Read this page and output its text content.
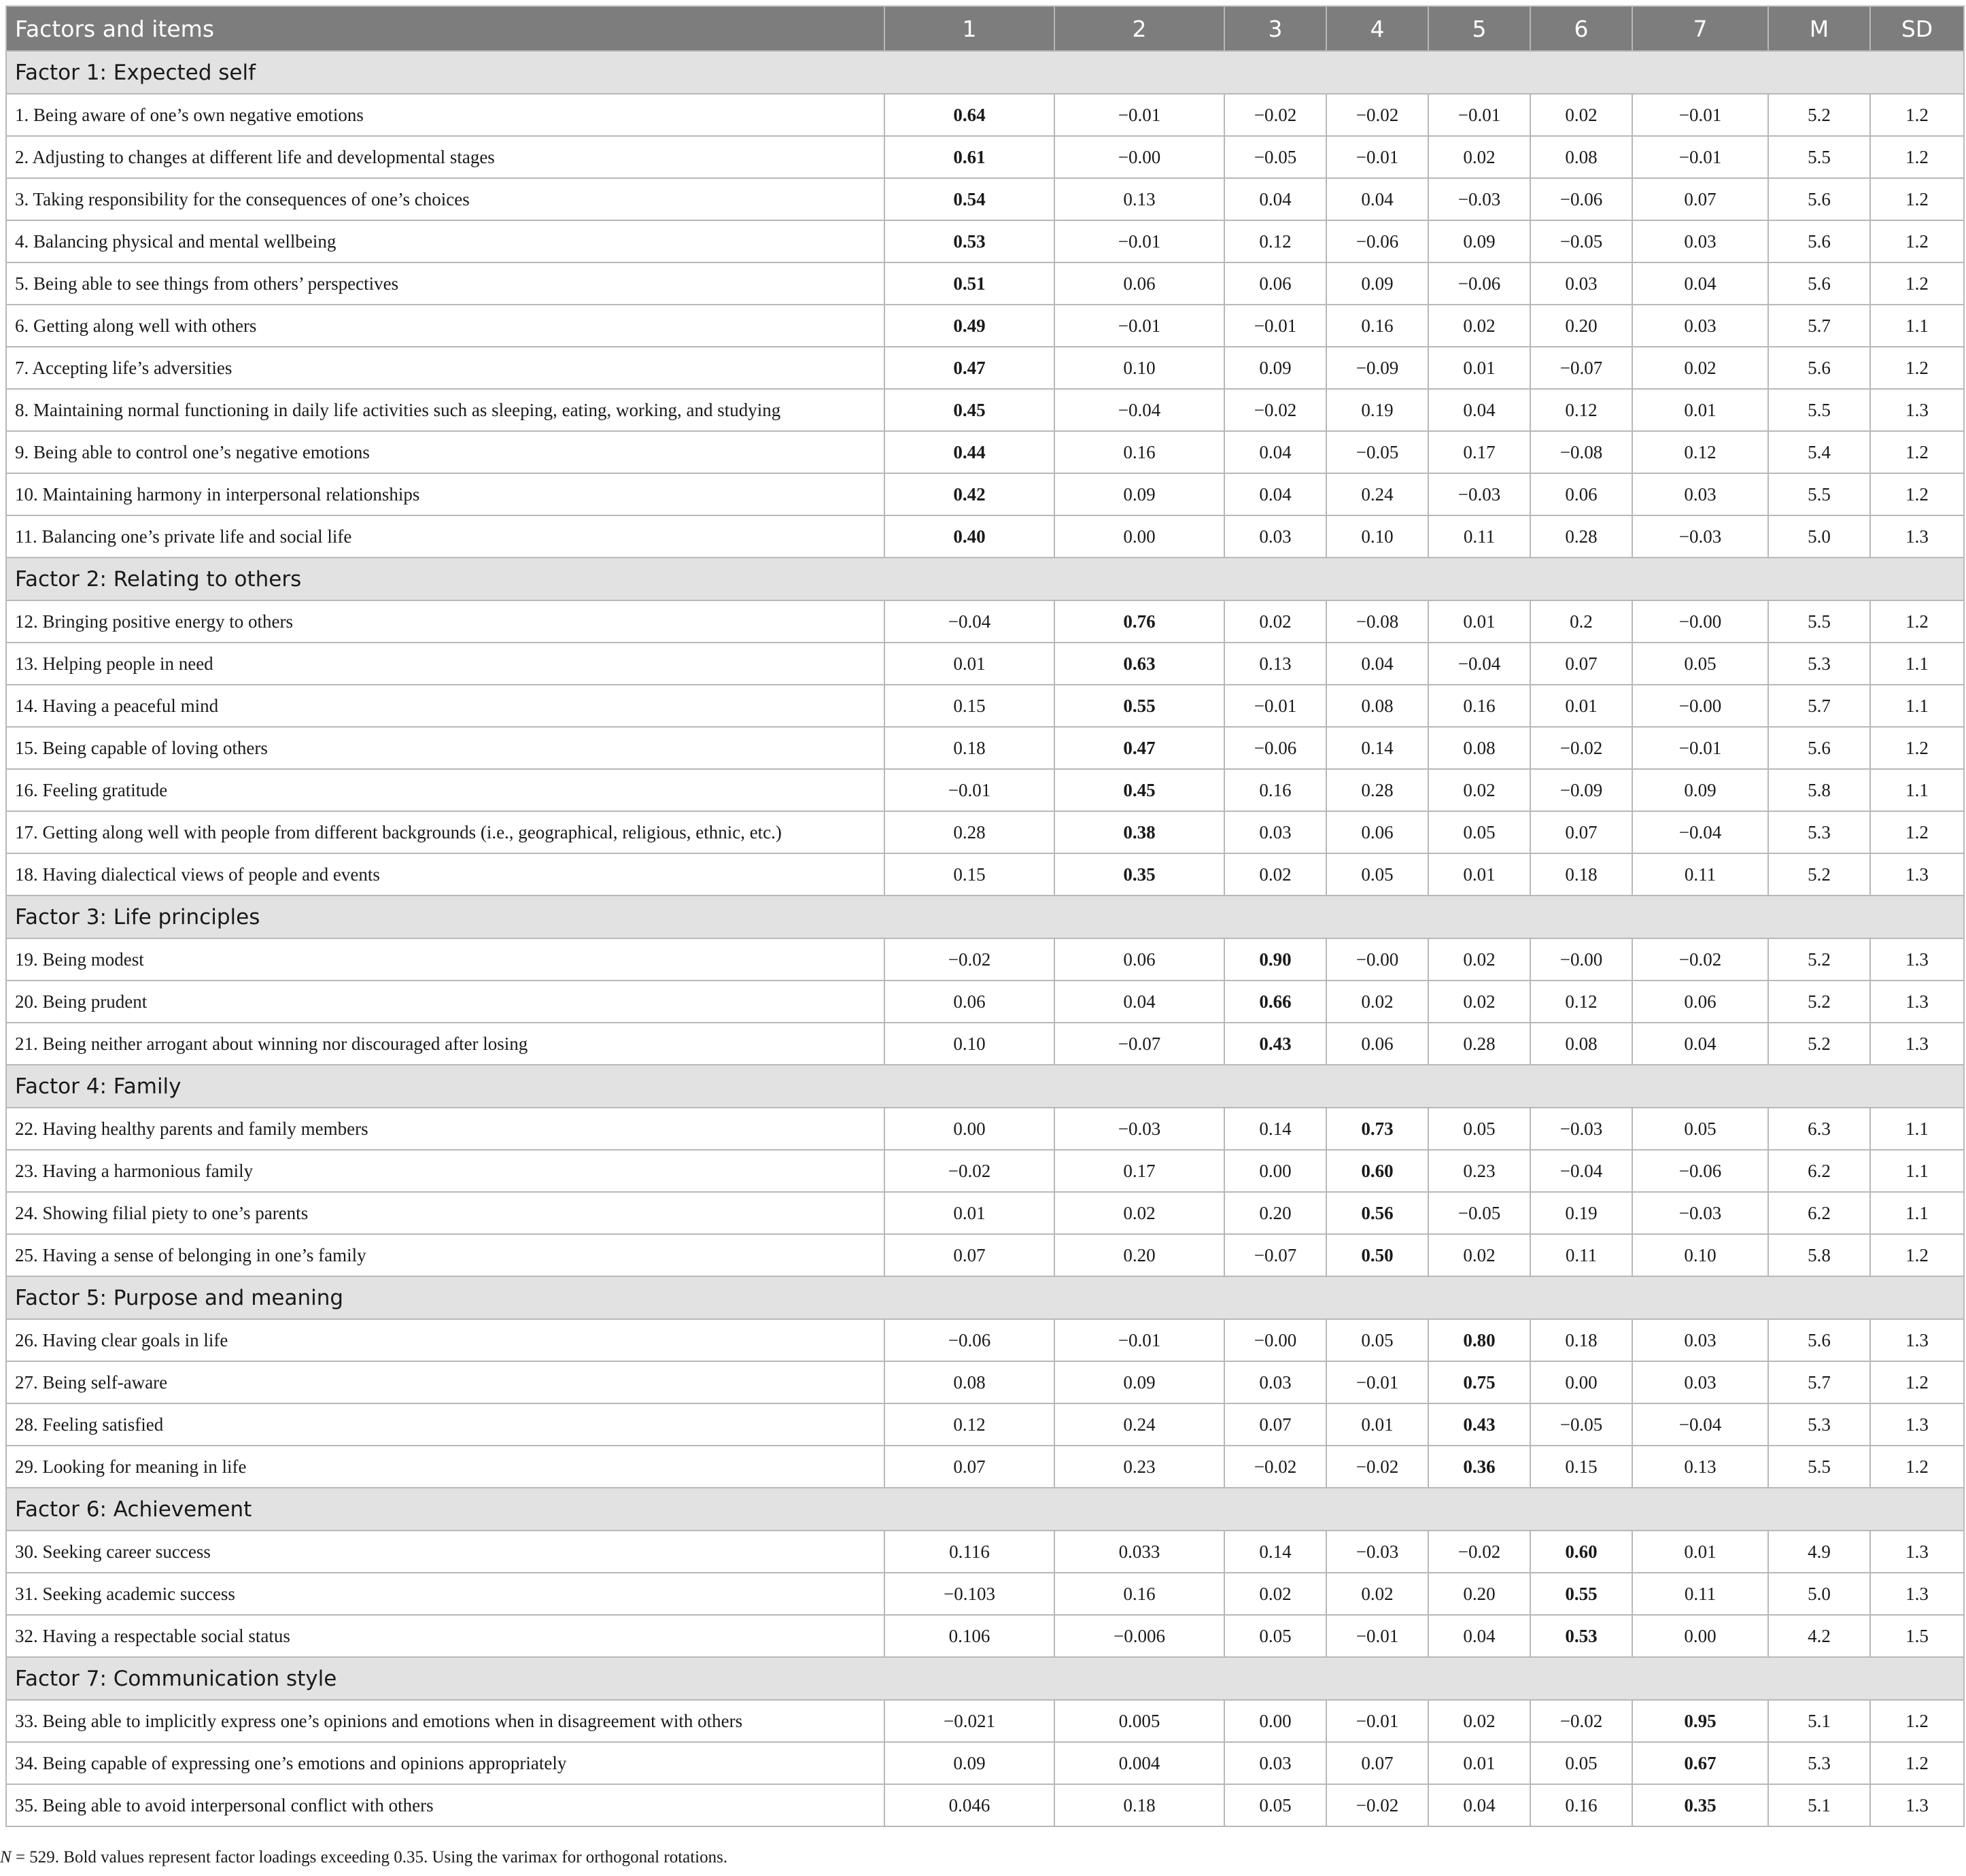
Factors and items	1	2	3	4	5	6	7	M	SD
Factor 1: Expected self									
1. Being aware of one’s own negative emotions	0.64	−0.01	−0.02	−0.02	−0.01	0.02	−0.01	5.2	1.2
2. Adjusting to changes at different life and developmental stages	0.61	−0.00	−0.05	−0.01	0.02	0.08	−0.01	5.5	1.2
3. Taking responsibility for the consequences of one’s choices	0.54	0.13	0.04	0.04	−0.03	−0.06	0.07	5.6	1.2
4. Balancing physical and mental wellbeing	0.53	−0.01	0.12	−0.06	0.09	−0.05	0.03	5.6	1.2
5. Being able to see things from others’ perspectives	0.51	0.06	0.06	0.09	−0.06	0.03	0.04	5.6	1.2
6. Getting along well with others	0.49	−0.01	−0.01	0.16	0.02	0.20	0.03	5.7	1.1
7. Accepting life’s adversities	0.47	0.10	0.09	−0.09	0.01	−0.07	0.02	5.6	1.2
8. Maintaining normal functioning in daily life activities such as sleeping, eating, working, and studying	0.45	−0.04	−0.02	0.19	0.04	0.12	0.01	5.5	1.3
9. Being able to control one’s negative emotions	0.44	0.16	0.04	−0.05	0.17	−0.08	0.12	5.4	1.2
10. Maintaining harmony in interpersonal relationships	0.42	0.09	0.04	0.24	−0.03	0.06	0.03	5.5	1.2
11. Balancing one’s private life and social life	0.40	0.00	0.03	0.10	0.11	0.28	−0.03	5.0	1.3
Factor 2: Relating to others									
12. Bringing positive energy to others	−0.04	0.76	0.02	−0.08	0.01	0.2	−0.00	5.5	1.2
13. Helping people in need	0.01	0.63	0.13	0.04	−0.04	0.07	0.05	5.3	1.1
14. Having a peaceful mind	0.15	0.55	−0.01	0.08	0.16	0.01	−0.00	5.7	1.1
15. Being capable of loving others	0.18	0.47	−0.06	0.14	0.08	−0.02	−0.01	5.6	1.2
16. Feeling gratitude	−0.01	0.45	0.16	0.28	0.02	−0.09	0.09	5.8	1.1
17. Getting along well with people from different backgrounds (i.e., geographical, religious, ethnic, etc.)	0.28	0.38	0.03	0.06	0.05	0.07	−0.04	5.3	1.2
18. Having dialectical views of people and events	0.15	0.35	0.02	0.05	0.01	0.18	0.11	5.2	1.3
Factor 3: Life principles									
19. Being modest	−0.02	0.06	0.90	−0.00	0.02	−0.00	−0.02	5.2	1.3
20. Being prudent	0.06	0.04	0.66	0.02	0.02	0.12	0.06	5.2	1.3
21. Being neither arrogant about winning nor discouraged after losing	0.10	−0.07	0.43	0.06	0.28	0.08	0.04	5.2	1.3
Factor 4: Family									
22. Having healthy parents and family members	0.00	−0.03	0.14	0.73	0.05	−0.03	0.05	6.3	1.1
23. Having a harmonious family	−0.02	0.17	0.00	0.60	0.23	−0.04	−0.06	6.2	1.1
24. Showing filial piety to one’s parents	0.01	0.02	0.20	0.56	−0.05	0.19	−0.03	6.2	1.1
25. Having a sense of belonging in one’s family	0.07	0.20	−0.07	0.50	0.02	0.11	0.10	5.8	1.2
Factor 5: Purpose and meaning									
26. Having clear goals in life	−0.06	−0.01	−0.00	0.05	0.80	0.18	0.03	5.6	1.3
27. Being self-aware	0.08	0.09	0.03	−0.01	0.75	0.00	0.03	5.7	1.2
28. Feeling satisfied	0.12	0.24	0.07	0.01	0.43	−0.05	−0.04	5.3	1.3
29. Looking for meaning in life	0.07	0.23	−0.02	−0.02	0.36	0.15	0.13	5.5	1.2
Factor 6: Achievement									
30. Seeking career success	0.116	0.033	0.14	−0.03	−0.02	0.60	0.01	4.9	1.3
31. Seeking academic success	−0.103	0.16	0.02	0.02	0.20	0.55	0.11	5.0	1.3
32. Having a respectable social status	0.106	−0.006	0.05	−0.01	0.04	0.53	0.00	4.2	1.5
Factor 7: Communication style									
33. Being able to implicitly express one’s opinions and emotions when in disagreement with others	−0.021	0.005	0.00	−0.01	0.02	−0.02	0.95	5.1	1.2
34. Being capable of expressing one’s emotions and opinions appropriately	0.09	0.004	0.03	0.07	0.01	0.05	0.67	5.3	1.2
35. Being able to avoid interpersonal conflict with others	0.046	0.18	0.05	−0.02	0.04	0.16	0.35	5.1	1.3
N = 529. Bold values represent factor loadings exceeding 0.35. Using the varimax for orthogonal rotations.
